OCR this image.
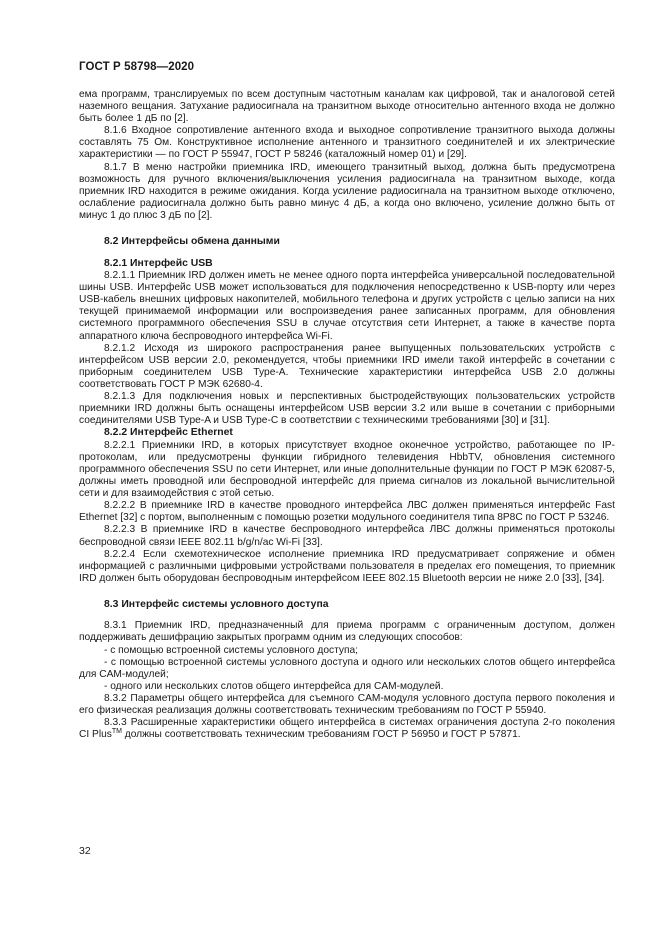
ГОСТ Р 58798—2020

ема программ, транслируемых по всем доступным частотным каналам как цифровой, так и аналоговой сетей наземного вещания. Затухание радиосигнала на транзитном выходе относительно антенного входа не должно быть более 1 дБ по [2].

8.1.6 Входное сопротивление антенного входа и выходное сопротивление транзитного выхода должны составлять 75 Ом. Конструктивное исполнение антенного и транзитного соединителей и их электрические характеристики — по ГОСТ Р 55947, ГОСТ Р 58246 (каталожный номер 01) и [29].

8.1.7 В меню настройки приемника IRD, имеющего транзитный выход, должна быть предусмотрена возможность для ручного включения/выключения усиления радиосигнала на транзитном выходе, когда приемник IRD находится в режиме ожидания. Когда усиление радиосигнала на транзитном выходе отключено, ослабление радиосигнала должно быть равно минус 4 дБ, а когда оно включено, усиление должно быть от минус 1 до плюс 3 дБ по [2].

8.2 Интерфейсы обмена данными
8.2.1 Интерфейс USB

8.2.1.1 Приемник IRD должен иметь не менее одного порта интерфейса универсальной последовательной шины USB. Интерфейс USB может использоваться для подключения непосредственно к USB-порту или через USB-кабель внешних цифровых накопителей, мобильного телефона и других устройств с целью записи на них текущей принимаемой информации или воспроизведения ранее записанных программ, для обновления системного программного обеспечения SSU в случае отсутствия сети Интернет, а также в качестве порта аппаратного ключа беспроводного интерфейса Wi-Fi.

8.2.1.2 Исходя из широкого распространения ранее выпущенных пользовательских устройств с интерфейсом USB версии 2.0, рекомендуется, чтобы приемники IRD имели такой интерфейс в сочетании с приборным соединителем USB Type-A. Технические характеристики интерфейса USB 2.0 должны соответствовать ГОСТ Р МЭК 62680-4.

8.2.1.3 Для подключения новых и перспективных быстродействующих пользовательских устройств приемники IRD должны быть оснащены интерфейсом USB версии 3.2 или выше в сочетании с приборными соединителями USB Type-A и USB Type-C в соответствии с техническими требованиями [30] и [31].

8.2.2 Интерфейс Ethernet

8.2.2.1 Приемники IRD, в которых присутствует входное оконечное устройство, работающее по IP-протоколам, или предусмотрены функции гибридного телевидения HbbTV, обновления системного программного обеспечения SSU по сети Интернет, или иные дополнительные функции по ГОСТ Р МЭК 62087-5, должны иметь проводной или беспроводной интерфейс для приема сигналов из локальной вычислительной сети и для взаимодействия с этой сетью.

8.2.2.2 В приемнике IRD в качестве проводного интерфейса ЛВС должен применяться интерфейс Fast Ethernet [32] с портом, выполненным с помощью розетки модульного соединителя типа 8P8C по ГОСТ Р 53246.

8.2.2.3 В приемнике IRD в качестве беспроводного интерфейса ЛВС должны применяться протоколы беспроводной связи IEEE 802.11 b/g/n/ac Wi-Fi [33].

8.2.2.4 Если схемотехническое исполнение приемника IRD предусматривает сопряжение и обмен информацией с различными цифровыми устройствами пользователя в пределах его помещения, то приемник IRD должен быть оборудован беспроводным интерфейсом IEEE 802.15 Bluetooth версии не ниже 2.0 [33], [34].

8.3 Интерфейс системы условного доступа

8.3.1 Приемник IRD, предназначенный для приема программ с ограниченным доступом, должен поддерживать дешифрацию закрытых программ одним из следующих способов:

- с помощью встроенной системы условного доступа;

- с помощью встроенной системы условного доступа и одного или нескольких слотов общего интерфейса для CAM-модулей;

- одного или нескольких слотов общего интерфейса для CAM-модулей.

8.3.2 Параметры общего интерфейса для съемного CAM-модуля условного доступа первого поколения и его физическая реализация должны соответствовать техническим требованиям по ГОСТ Р 55940.

8.3.3 Расширенные характеристики общего интерфейса в системах ограничения доступа 2-го поколения CI Plus™ должны соответствовать техническим требованиям ГОСТ Р 56950 и ГОСТ Р 57871.

32
